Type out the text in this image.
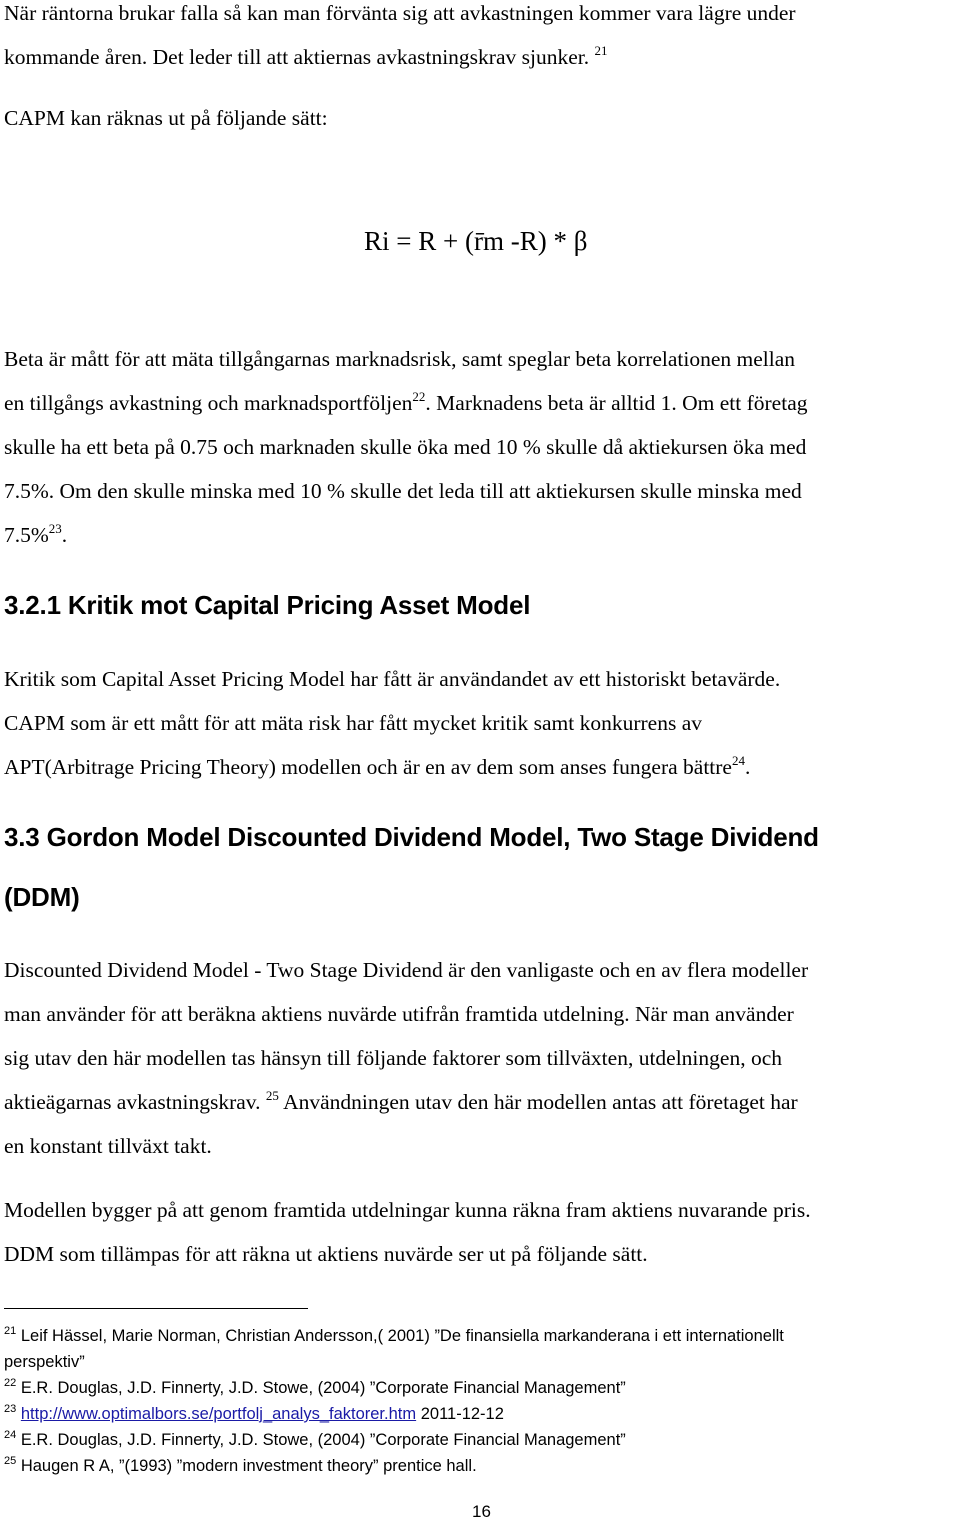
När räntorna brukar falla så kan man förvänta sig att avkastningen kommer vara lägre under
kommande åren. Det leder till att aktiernas avkastningskrav sjunker. $^{21}$
CAPM kan räknas ut på följande sätt:
Ri = R + (r̄m -R) * β
Beta är mått för att mäta tillgångarnas marknadsrisk, samt speglar beta korrelationen mellan
en tillgångs avkastning och marknadsportföljen$^{22}$. Marknadens beta är alltid 1. Om ett företag
skulle ha ett beta på 0.75 och marknaden skulle öka med 10 % skulle då aktiekursen öka med
7.5%. Om den skulle minska med 10 % skulle det leda till att aktiekursen skulle minska med
7.5%$^{23}$.
3.2.1 Kritik mot Capital Pricing Asset Model
Kritik som Capital Asset Pricing Model har fått är användandet av ett historiskt betavärde.
CAPM som är ett mått för att mäta risk har fått mycket kritik samt konkurrens av
APT(Arbitrage Pricing Theory) modellen och är en av dem som anses fungera bättre$^{24}$.
3.3 Gordon Model Discounted Dividend Model, Two Stage Dividend
(DDM)
Discounted Dividend Model - Two Stage Dividend är den vanligaste och en av flera modeller
man använder för att beräkna aktiens nuvärde utifrån framtida utdelning. När man använder
sig utav den här modellen tas hänsyn till följande faktorer som tillväxten, utdelningen, och
aktieägarnas avkastningskrav. $^{25}$ Användningen utav den här modellen antas att företaget har
en konstant tillväxt takt.
Modellen bygger på att genom framtida utdelningar kunna räkna fram aktiens nuvarande pris.
DDM som tillämpas för att räkna ut aktiens nuvärde ser ut på följande sätt.
$^{21}$ Leif Hässel, Marie Norman, Christian Andersson,( 2001) ”De finansiella markanderana i ett internationellt
perspektiv”
$^{22}$ E.R. Douglas, J.D. Finnerty, J.D. Stowe, (2004) ”Corporate Financial Management”
$^{23}$ http://www.optimalbors.se/portfolj_analys_faktorer.htm 2011-12-12
$^{24}$ E.R. Douglas, J.D. Finnerty, J.D. Stowe, (2004) ”Corporate Financial Management”
$^{25}$ Haugen R A, ”(1993) ”modern investment theory” prentice hall.
16
